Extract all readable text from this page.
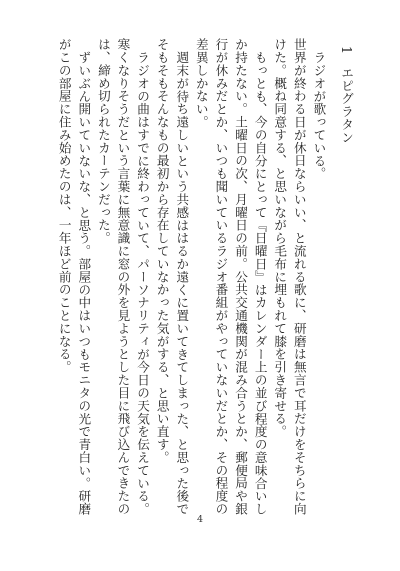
1エピグラタン

ラジオが歌っている。

世界が終わる日が休日ならいい、と流れる歌に、研磨は無言で耳だけをそちらに向けた。概ね同意する、と思いながら毛布に埋もれて膝を引き寄せる。

もっとも、今の自分にとって『日曜日』はカレンダー上の並び程度の意味合いしか持たない。土曜日の次、月曜日の前。公共交通機関が混み合うとか、郵便局や銀行が休みだとか、いつも聞いているラジオ番組がやっていないだとか、その程度の差異しかない。

週末が待ち遠しいという共感ははるか遠くに置いてきてしまった、と思った後でそもそもそんなもの最初から存在していなかった気がする、と思い直す。

ラジオの曲はすでに終わっていて、パーソナリティが今日の天気を伝えている。寒くなりそうだという言葉に無意識に窓の外を見ようとした目に飛び込んできたのは、締め切られたカーテンだった。

ずいぶん開いていないな、と思う。部屋の中はいつもモニタの光で青白い。研磨がこの部屋に住み始めたのは、一年ほど前のことになる。

4
